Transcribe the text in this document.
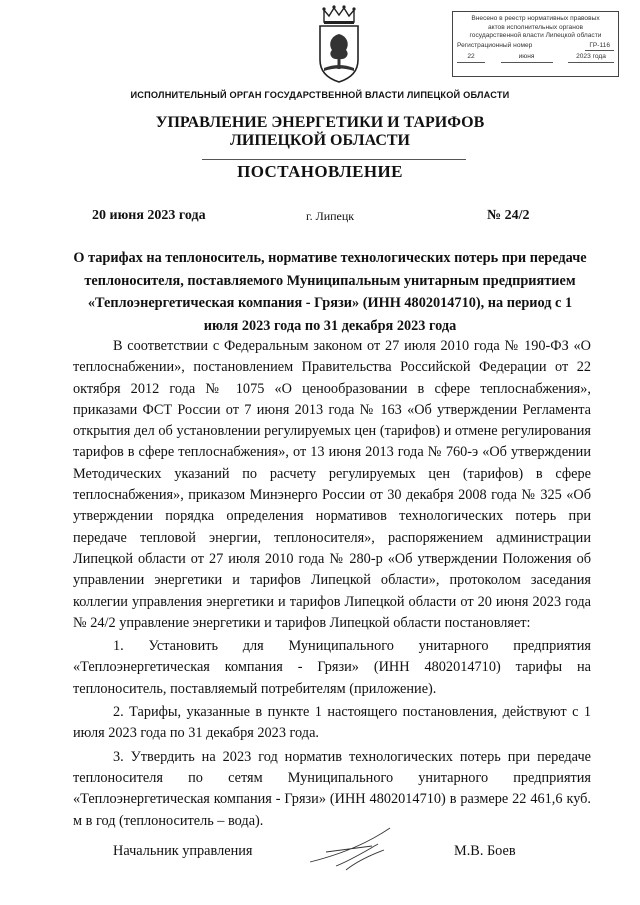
Внесено в реестр нормативных правовых
актов исполнительных органов
государственной власти Липецкой области
Регистрационный номер	ГР-116
22	июня	2023 года
ИСПОЛНИТЕЛЬНЫЙ ОРГАН ГОСУДАРСТВЕННОЙ ВЛАСТИ ЛИПЕЦКОЙ ОБЛАСТИ
УПРАВЛЕНИЕ ЭНЕРГЕТИКИ И ТАРИФОВ
ЛИПЕЦКОЙ ОБЛАСТИ
ПОСТАНОВЛЕНИЕ
20 июня 2023 года	г. Липецк	№ 24/2
О тарифах на теплоноситель, нормативе технологических потерь при передаче теплоносителя, поставляемого Муниципальным унитарным предприятием «Теплоэнергетическая компания - Грязи» (ИНН 4802014710), на период с 1 июля 2023 года по 31 декабря 2023 года

В соответствии с Федеральным законом от 27 июля 2010 года № 190-ФЗ «О теплоснабжении», постановлением Правительства Российской Федерации от 22 октября 2012 года № 1075 «О ценообразовании в сфере теплоснабжения», приказами ФСТ России от 7 июня 2013 года № 163 «Об утверждении Регламента открытия дел об установлении регулируемых цен (тарифов) и отмене регулирования тарифов в сфере теплоснабжения», от 13 июня 2013 года № 760-э «Об утверждении Методических указаний по расчету регулируемых цен (тарифов) в сфере теплоснабжения», приказом Минэнерго России от 30 декабря 2008 года № 325 «Об утверждении порядка определения нормативов технологических потерь при передаче тепловой энергии, теплоносителя», распоряжением администрации Липецкой области от 27 июля 2010 года № 280-р «Об утверждении Положения об управлении энергетики и тарифов Липецкой области», протоколом заседания коллегии управления энергетики и тарифов Липецкой области от 20 июня 2023 года № 24/2 управление энергетики и тарифов Липецкой области постановляет:

1. Установить для Муниципального унитарного предприятия «Теплоэнергетическая компания - Грязи» (ИНН 4802014710) тарифы на теплоноситель, поставляемый потребителям (приложение).

2. Тарифы, указанные в пункте 1 настоящего постановления, действуют с 1 июля 2023 года по 31 декабря 2023 года.

3. Утвердить на 2023 год норматив технологических потерь при передаче теплоносителя по сетям Муниципального унитарного предприятия «Теплоэнергетическая компания - Грязи» (ИНН 4802014710) в размере 22 461,6 куб. м в год (теплоноситель – вода).

Начальник управления	М.В. Боев
